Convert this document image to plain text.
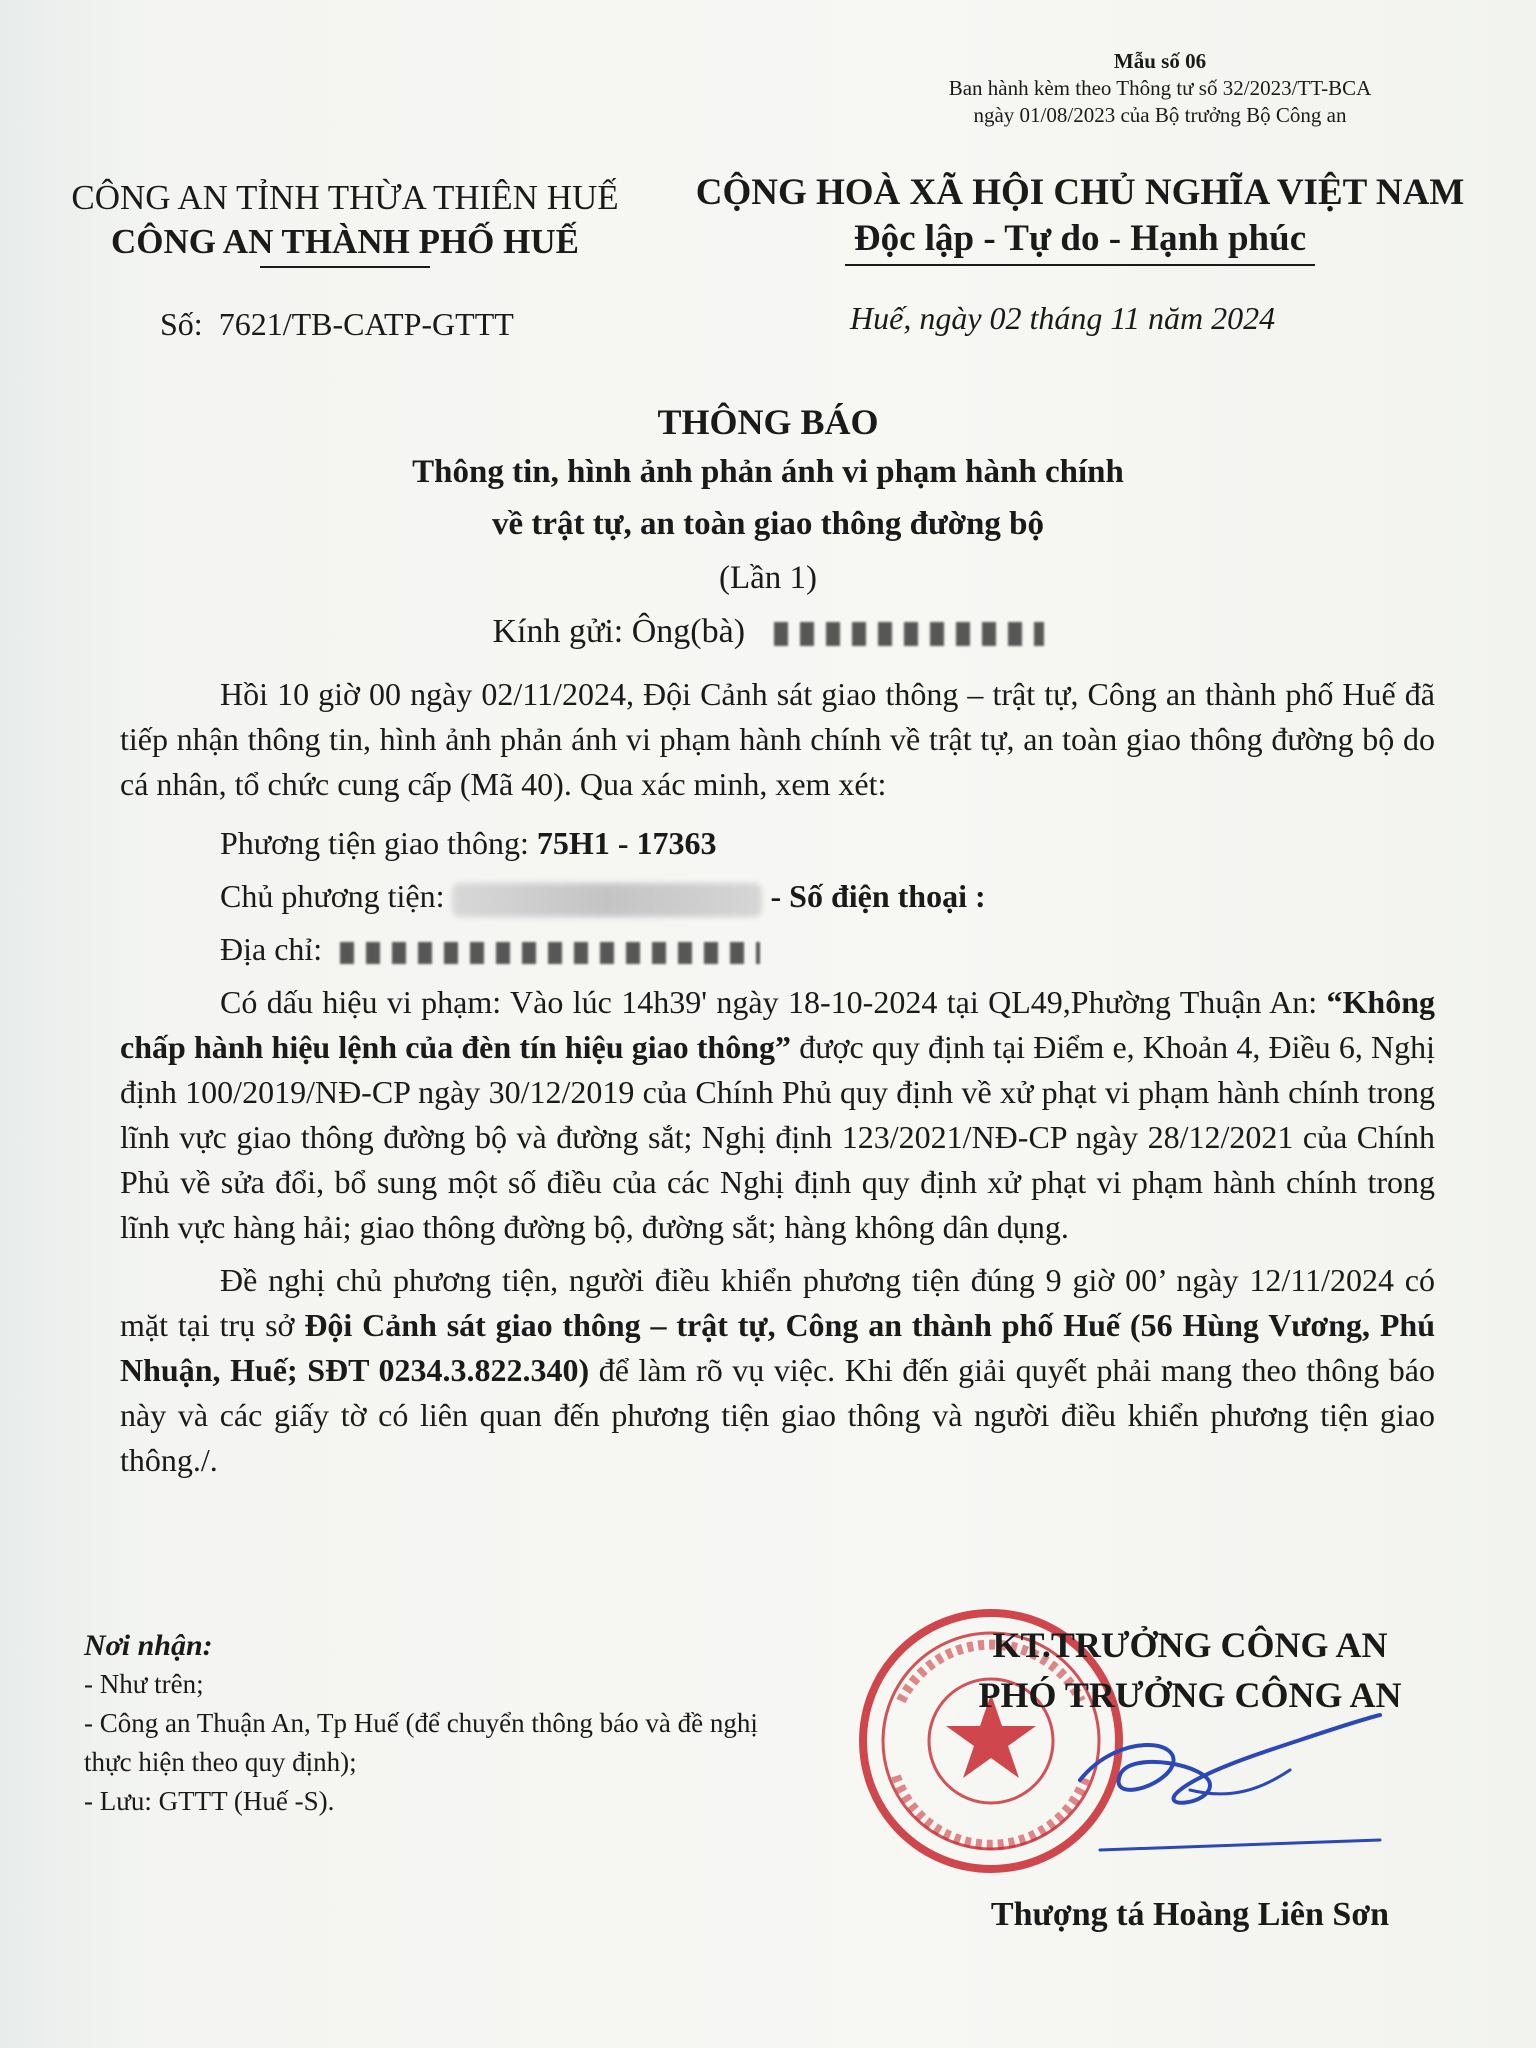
Mẫu số 06
Ban hành kèm theo Thông tư số 32/2023/TT-BCA
ngày 01/08/2023 của Bộ trưởng Bộ Công an
CÔNG AN TỈNH THỪA THIÊN HUẾ
CÔNG AN THÀNH PHỐ HUẾ
CỘNG HOÀ XÃ HỘI CHỦ NGHĨA VIỆT NAM
Độc lập - Tự do - Hạnh phúc
Số: 7621/TB-CATP-GTTT	Huế, ngày 02 tháng 11 năm 2024
THÔNG BÁO
Thông tin, hình ảnh phản ánh vi phạm hành chính
về trật tự, an toàn giao thông đường bộ
(Lần 1)
Kính gửi: Ông(bà)

Hồi 10 giờ 00 ngày 02/11/2024, Đội Cảnh sát giao thông – trật tự, Công an thành phố Huế đã tiếp nhận thông tin, hình ảnh phản ánh vi phạm hành chính về trật tự, an toàn giao thông đường bộ do cá nhân, tổ chức cung cấp (Mã 40). Qua xác minh, xem xét:

Phương tiện giao thông: 75H1 - 17363

Chủ phương tiện:	- Số điện thoại :

Địa chỉ:

Có dấu hiệu vi phạm: Vào lúc 14h39' ngày 18-10-2024 tại QL49,Phường Thuận An: “Không chấp hành hiệu lệnh của đèn tín hiệu giao thông” được quy định tại Điểm e, Khoản 4, Điều 6, Nghị định 100/2019/NĐ-CP ngày 30/12/2019 của Chính Phủ quy định về xử phạt vi phạm hành chính trong lĩnh vực giao thông đường bộ và đường sắt; Nghị định 123/2021/NĐ-CP ngày 28/12/2021 của Chính Phủ về sửa đổi, bổ sung một số điều của các Nghị định quy định xử phạt vi phạm hành chính trong lĩnh vực hàng hải; giao thông đường bộ, đường sắt; hàng không dân dụng.

Đề nghị chủ phương tiện, người điều khiển phương tiện đúng 9 giờ 00’ ngày 12/11/2024 có mặt tại trụ sở Đội Cảnh sát giao thông – trật tự, Công an thành phố Huế (56 Hùng Vương, Phú Nhuận, Huế; SĐT 0234.3.822.340) để làm rõ vụ việc. Khi đến giải quyết phải mang theo thông báo này và các giấy tờ có liên quan đến phương tiện giao thông và người điều khiển phương tiện giao thông./.

Nơi nhận:
- Như trên;
- Công an Thuận An, Tp Huế (để chuyển thông báo và đề nghị thực hiện theo quy định);
- Lưu: GTTT (Huế -S).
KT.TRƯỞNG CÔNG AN
PHÓ TRƯỞNG CÔNG AN
Thượng tá Hoàng Liên Sơn
